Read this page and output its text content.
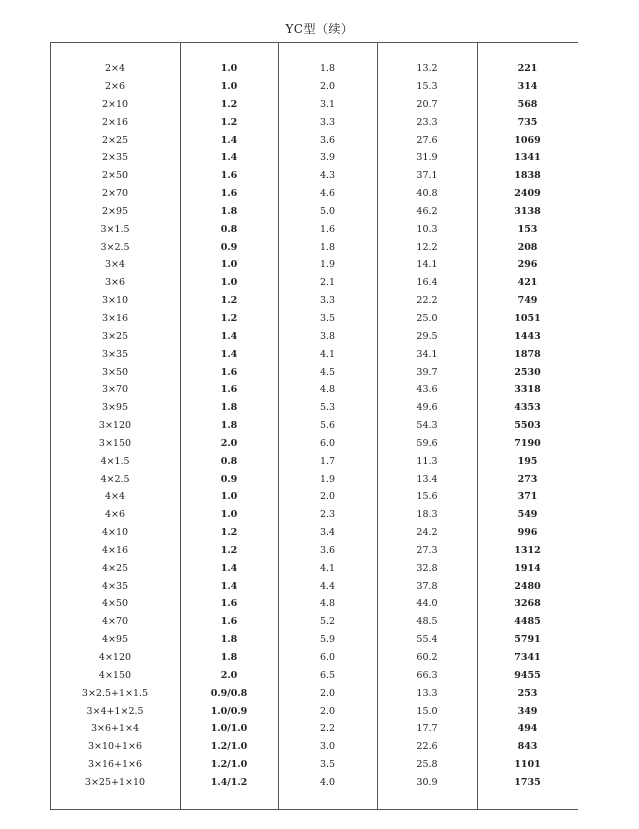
YC型（续）
2×4	1.0	1.8	13.2	221
2×6	1.0	2.0	15.3	314
2×10	1.2	3.1	20.7	568
2×16	1.2	3.3	23.3	735
2×25	1.4	3.6	27.6	1069
2×35	1.4	3.9	31.9	1341
2×50	1.6	4.3	37.1	1838
2×70	1.6	4.6	40.8	2409
2×95	1.8	5.0	46.2	3138
3×1.5	0.8	1.6	10.3	153
3×2.5	0.9	1.8	12.2	208
3×4	1.0	1.9	14.1	296
3×6	1.0	2.1	16.4	421
3×10	1.2	3.3	22.2	749
3×16	1.2	3.5	25.0	1051
3×25	1.4	3.8	29.5	1443
3×35	1.4	4.1	34.1	1878
3×50	1.6	4.5	39.7	2530
3×70	1.6	4.8	43.6	3318
3×95	1.8	5.3	49.6	4353
3×120	1.8	5.6	54.3	5503
3×150	2.0	6.0	59.6	7190
4×1.5	0.8	1.7	11.3	195
4×2.5	0.9	1.9	13.4	273
4×4	1.0	2.0	15.6	371
4×6	1.0	2.3	18.3	549
4×10	1.2	3.4	24.2	996
4×16	1.2	3.6	27.3	1312
4×25	1.4	4.1	32.8	1914
4×35	1.4	4.4	37.8	2480
4×50	1.6	4.8	44.0	3268
4×70	1.6	5.2	48.5	4485
4×95	1.8	5.9	55.4	5791
4×120	1.8	6.0	60.2	7341
4×150	2.0	6.5	66.3	9455
3×2.5+1×1.5	0.9/0.8	2.0	13.3	253
3×4+1×2.5	1.0/0.9	2.0	15.0	349
3×6+1×4	1.0/1.0	2.2	17.7	494
3×10+1×6	1.2/1.0	3.0	22.6	843
3×16+1×6	1.2/1.0	3.5	25.8	1101
3×25+1×10	1.4/1.2	4.0	30.9	1735
